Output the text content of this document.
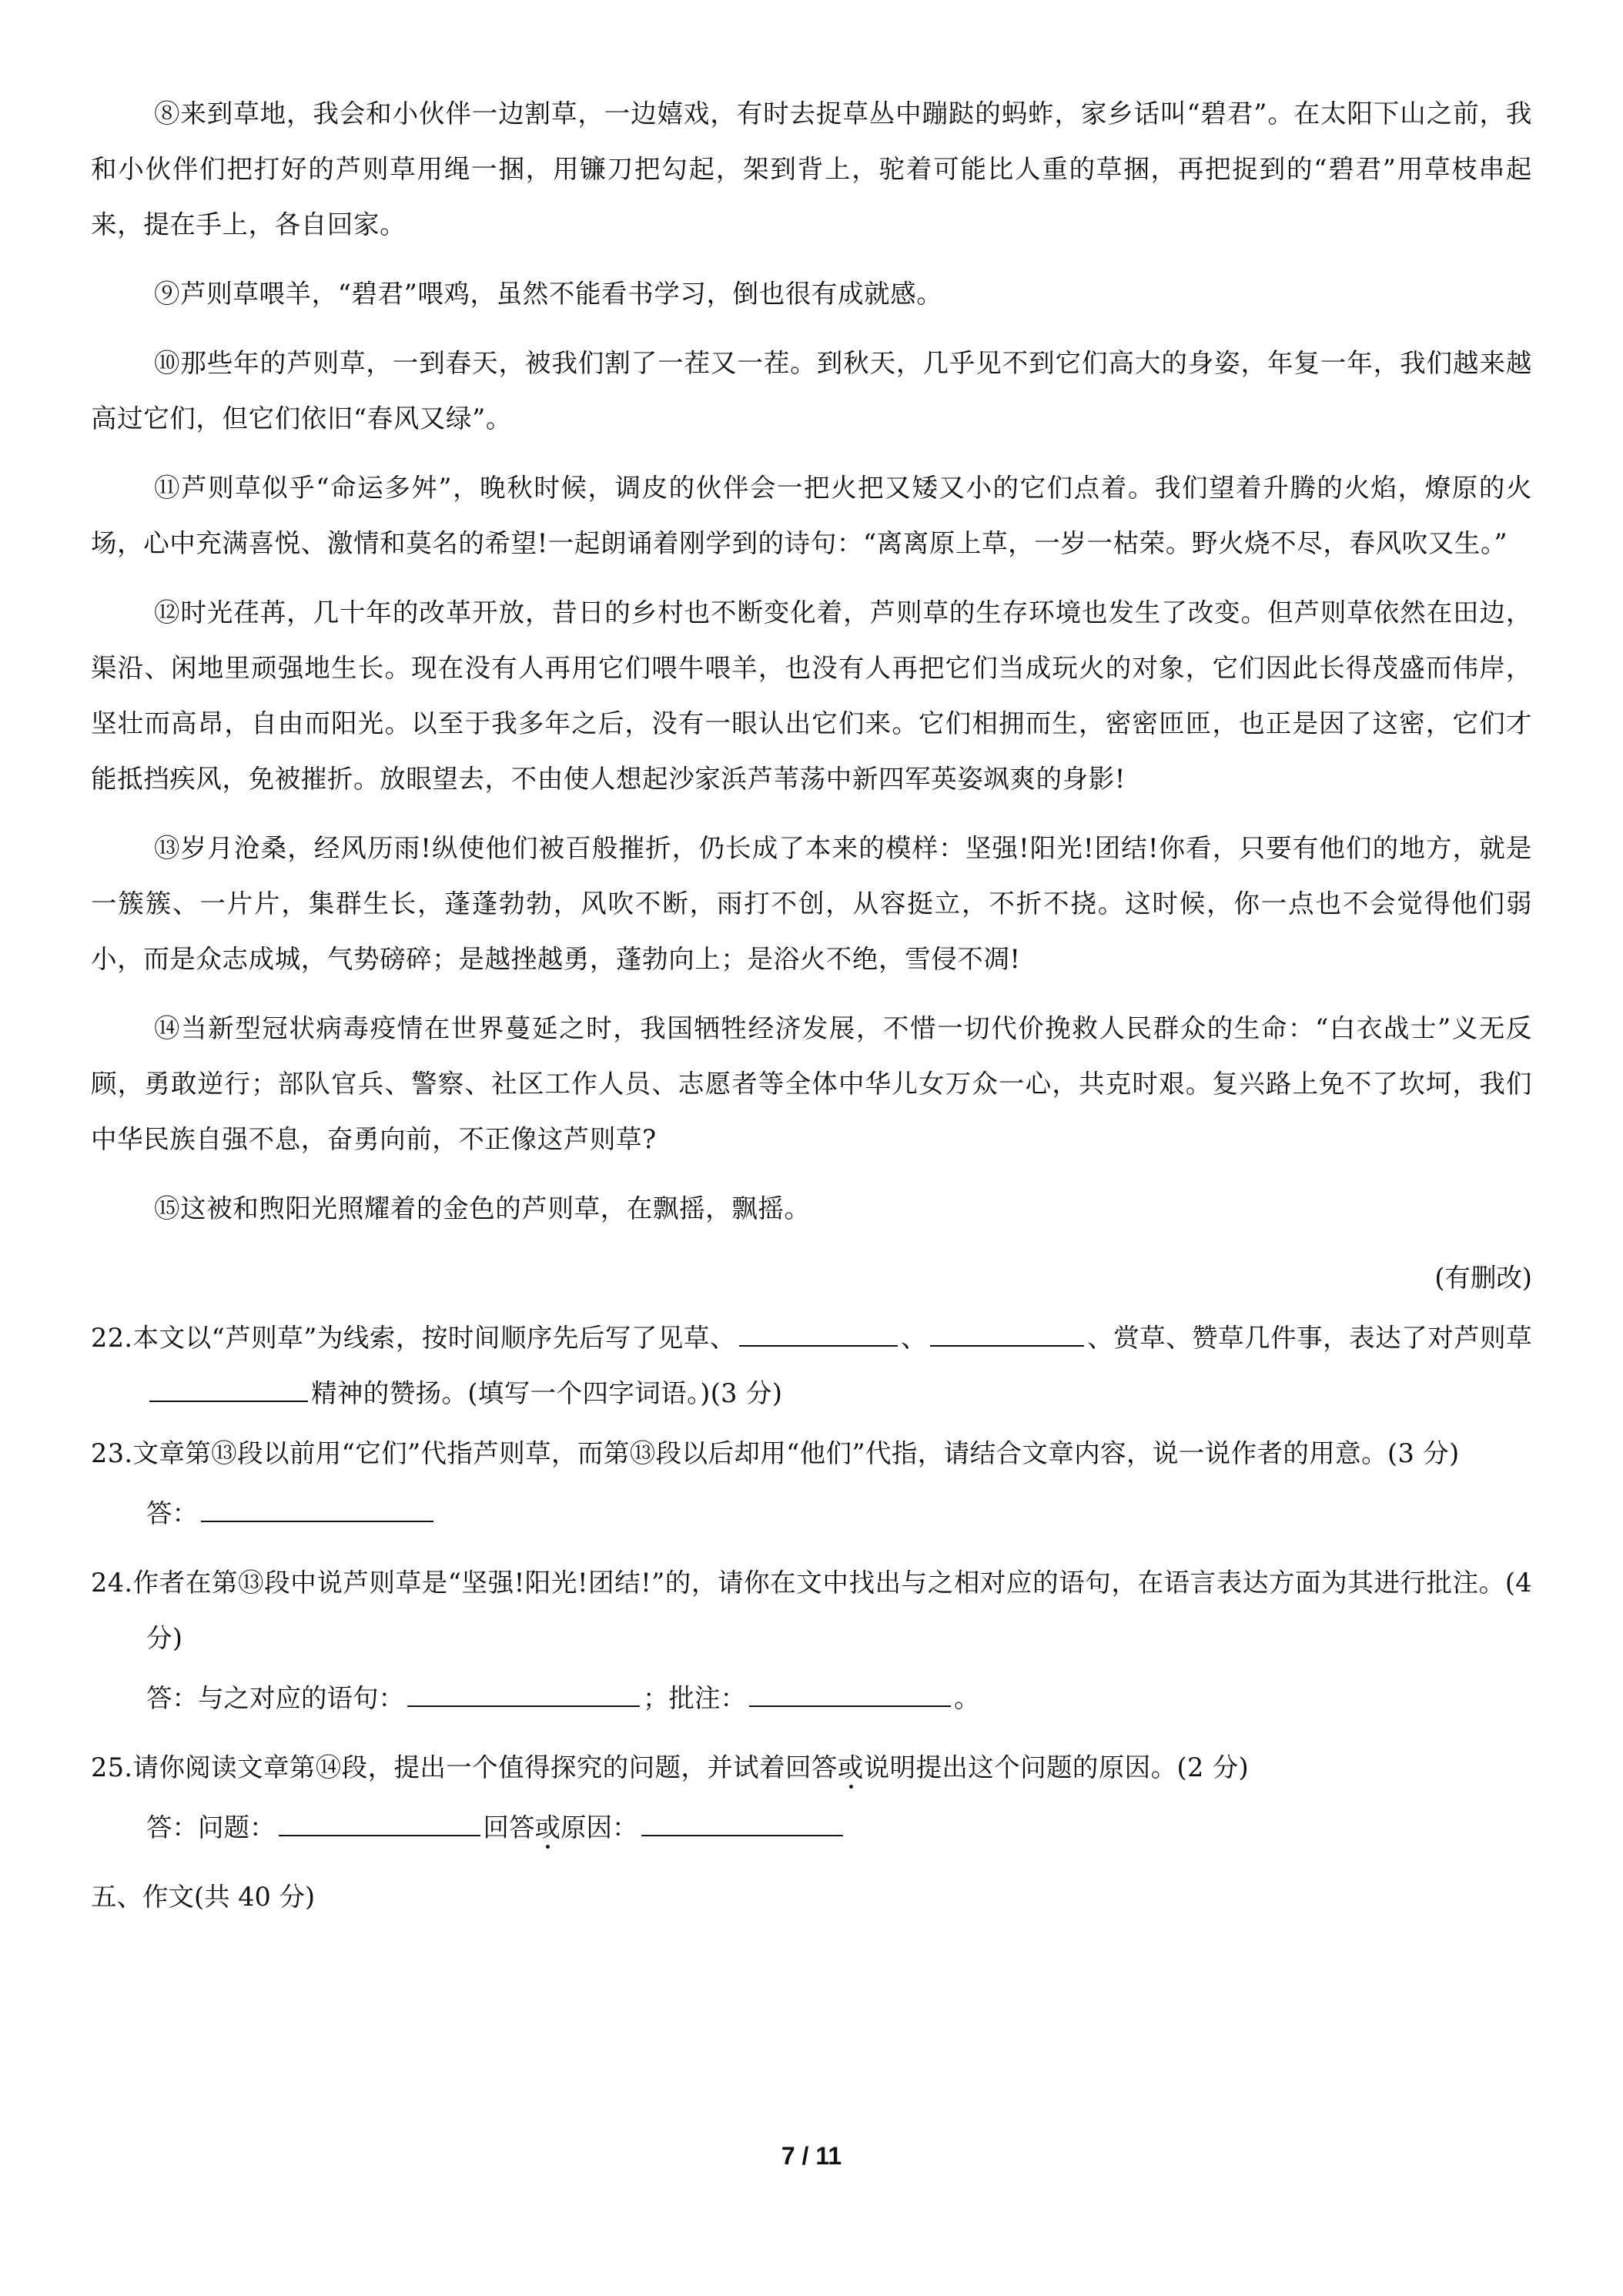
⑧来到草地，我会和小伙伴一边割草，一边嬉戏，有时去捉草丛中蹦跶的蚂蚱，家乡话叫“碧君”。在太阳下山之前，我和小伙伴们把打好的芦则草用绳一捆，用镰刀把勾起，架到背上，驼着可能比人重的草捆，再把捉到的“碧君”用草枝串起来，提在手上，各自回家。

⑨芦则草喂羊，“碧君”喂鸡，虽然不能看书学习，倒也很有成就感。

⑩那些年的芦则草，一到春天，被我们割了一茬又一茬。到秋天，几乎见不到它们高大的身姿，年复一年，我们越来越高过它们，但它们依旧“春风又绿”。

⑪芦则草似乎“命运多舛”，晚秋时候，调皮的伙伴会一把火把又矮又小的它们点着。我们望着升腾的火焰，燎原的火场，心中充满喜悦、激情和莫名的希望!一起朗诵着刚学到的诗句：“离离原上草，一岁一枯荣。野火烧不尽，春风吹又生。”

⑫时光荏苒，几十年的改革开放，昔日的乡村也不断变化着，芦则草的生存环境也发生了改变。但芦则草依然在田边，渠沿、闲地里顽强地生长。现在没有人再用它们喂牛喂羊，也没有人再把它们当成玩火的对象，它们因此长得茂盛而伟岸，坚壮而高昂，自由而阳光。以至于我多年之后，没有一眼认出它们来。它们相拥而生，密密匝匝，也正是因了这密，它们才能抵挡疾风，免被摧折。放眼望去，不由使人想起沙家浜芦苇荡中新四军英姿飒爽的身影!

⑬岁月沧桑，经风历雨!纵使他们被百般摧折，仍长成了本来的模样：坚强!阳光!团结!你看，只要有他们的地方，就是一簇簇、一片片，集群生长，蓬蓬勃勃，风吹不断，雨打不创，从容挺立，不折不挠。这时候，你一点也不会觉得他们弱小，而是众志成城，气势磅碎；是越挫越勇，蓬勃向上；是浴火不绝，雪侵不凋!

⑭当新型冠状病毒疫情在世界蔓延之时，我国牺牲经济发展，不惜一切代价挽救人民群众的生命：“白衣战士”义无反顾，勇敢逆行；部队官兵、警察、社区工作人员、志愿者等全体中华儿女万众一心，共克时艰。复兴路上免不了坎坷，我们中华民族自强不息，奋勇向前，不正像这芦则草?

⑮这被和煦阳光照耀着的金色的芦则草，在飘摇，飘摇。

(有删改)

22.本文以“芦则草”为线索，按时间顺序先后写了见草、	、	、赏草、赞草几件事，表达了对芦则草精神的赞扬。(填写一个四字词语。)(3 分)

23.文章第⑬段以前用“它们”代指芦则草，而第⑬段以后却用“他们”代指，请结合文章内容，说一说作者的用意。(3 分)

答：

24.作者在第⑬段中说芦则草是“坚强!阳光!团结!”的，请你在文中找出与之相对应的语句，在语言表达方面为其进行批注。(4 分)

答：与之对应的语句：	；批注：	。

25.请你阅读文章第⑭段，提出一个值得探究的问题，并试着回答或说明提出这个问题的原因。(2 分)

答：问题：	回答或原因：

五、作文(共 40 分)

7 / 11
